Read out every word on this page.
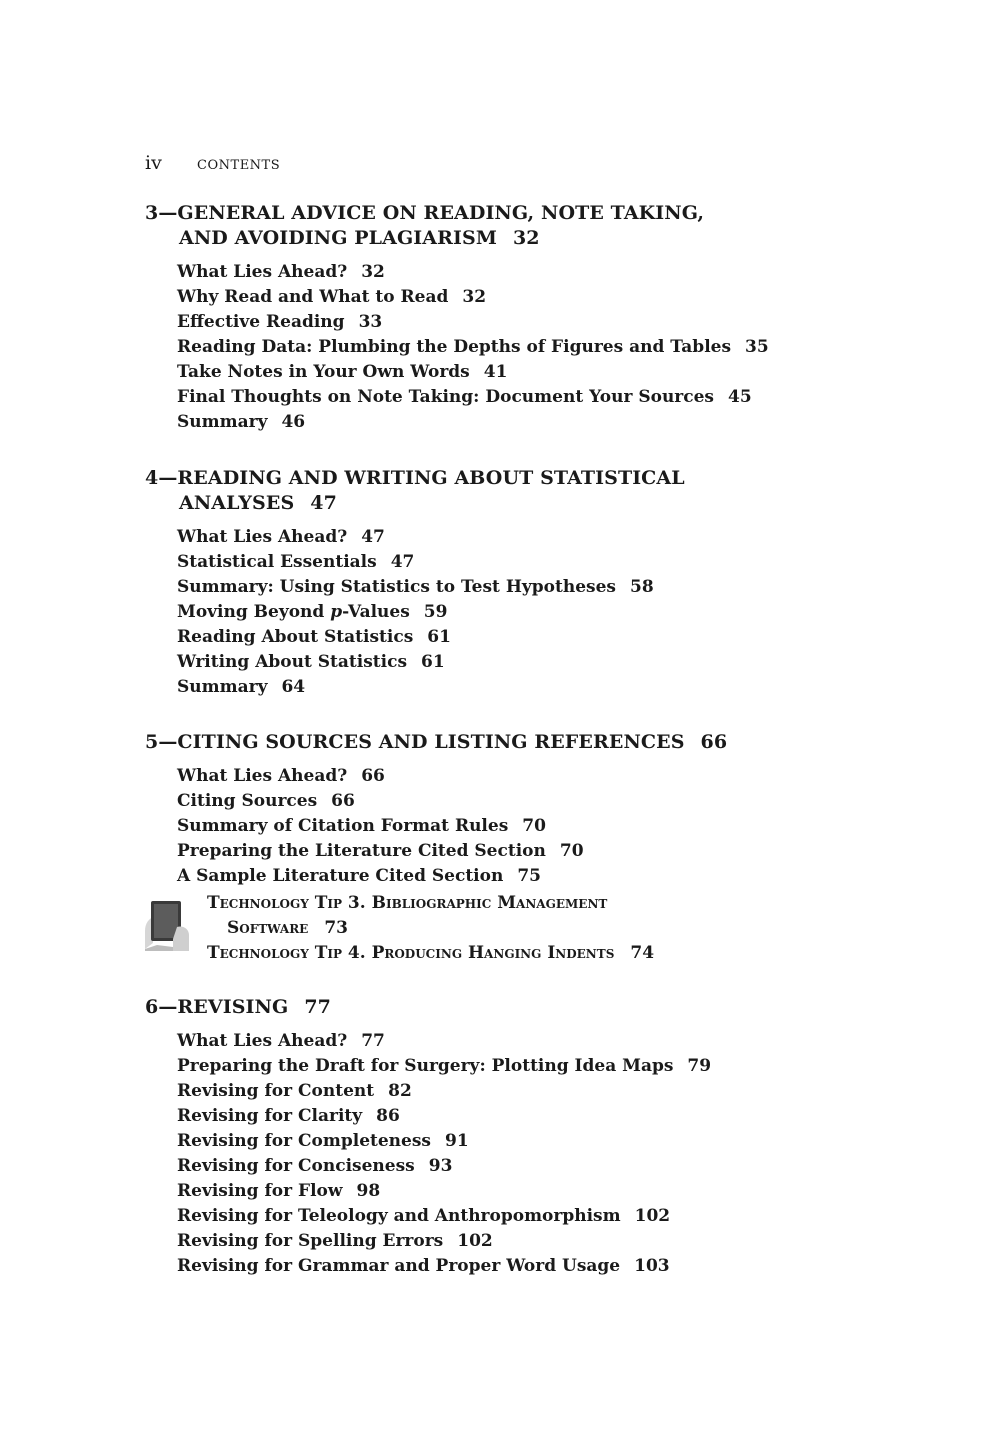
iv	CONTENTS
3—GENERAL ADVICE ON READING, NOTE TAKING,
AND AVOIDING PLAGIARISM 32
What Lies Ahead? 32
Why Read and What to Read 32
Effective Reading 33
Reading Data: Plumbing the Depths of Figures and Tables 35
Take Notes in Your Own Words 41
Final Thoughts on Note Taking: Document Your Sources 45
Summary 46
4—READING AND WRITING ABOUT STATISTICAL
ANALYSES 47
What Lies Ahead? 47
Statistical Essentials 47
Summary: Using Statistics to Test Hypotheses 58
Moving Beyond p-Values 59
Reading About Statistics 61
Writing About Statistics 61
Summary 64
5—CITING SOURCES AND LISTING REFERENCES 66
What Lies Ahead? 66
Citing Sources 66
Summary of Citation Format Rules 70
Preparing the Literature Cited Section 70
A Sample Literature Cited Section 75
Technology Tip 3. Bibliographic Management
Software 73
Technology Tip 4. Producing Hanging Indents 74
6—REVISING 77
What Lies Ahead? 77
Preparing the Draft for Surgery: Plotting Idea Maps 79
Revising for Content 82
Revising for Clarity 86
Revising for Completeness 91
Revising for Conciseness 93
Revising for Flow 98
Revising for Teleology and Anthropomorphism 102
Revising for Spelling Errors 102
Revising for Grammar and Proper Word Usage 103
